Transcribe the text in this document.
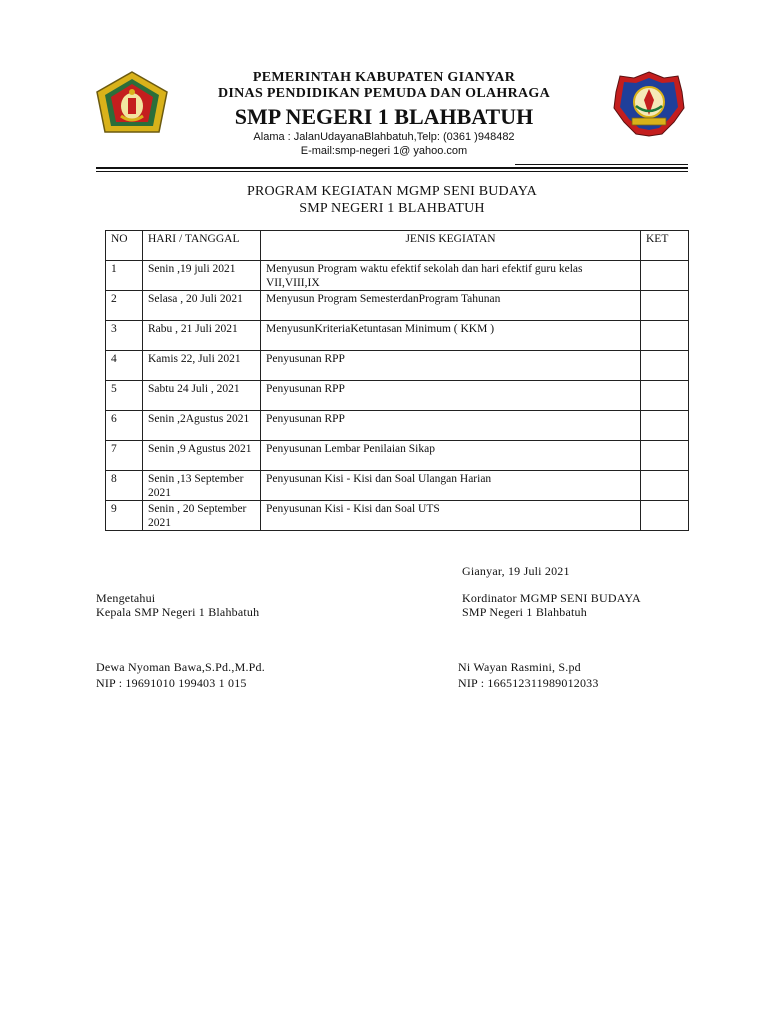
PEMERINTAH KABUPATEN GIANYAR
DINAS PENDIDIKAN PEMUDA DAN OLAHRAGA
SMP NEGERI 1 BLAHBATUH
Alama : JalanUdayanaBlahbatuh,Telp: (0361 )948482
E-mail:smp-negeri 1@ yahoo.com
PROGRAM KEGIATAN MGMP SENI BUDAYA
SMP NEGERI 1 BLAHBATUH
NO	HARI / TANGGAL	JENIS KEGIATAN	KET
1	Senin ,19 juli 2021	Menyusun Program waktu efektif sekolah dan hari efektif guru kelas VII,VIII,IX	
2	Selasa , 20 Juli 2021	Menyusun Program SemesterdanProgram Tahunan	
3	Rabu , 21 Juli 2021	MenyusunKriteriaKetuntasan Minimum ( KKM )	
4	Kamis 22, Juli 2021	Penyusunan RPP	
5	Sabtu 24 Juli , 2021	Penyusunan RPP	
6	Senin ,2Agustus 2021	Penyusunan RPP	
7	Senin ,9 Agustus 2021	Penyusunan Lembar Penilaian Sikap	
8	Senin ,13 September 2021	Penyusunan Kisi - Kisi dan Soal Ulangan Harian	
9	Senin , 20 September 2021	Penyusunan Kisi - Kisi dan Soal UTS	
Gianyar, 19 Juli 2021
Mengetahui
Kepala SMP Negeri 1 Blahbatuh
Dewa Nyoman Bawa,S.Pd.,M.Pd.
NIP : 19691010 199403 1 015
Kordinator MGMP SENI BUDAYA
SMP Negeri 1 Blahbatuh
Ni Wayan Rasmini, S.pd
NIP : 166512311989012033
